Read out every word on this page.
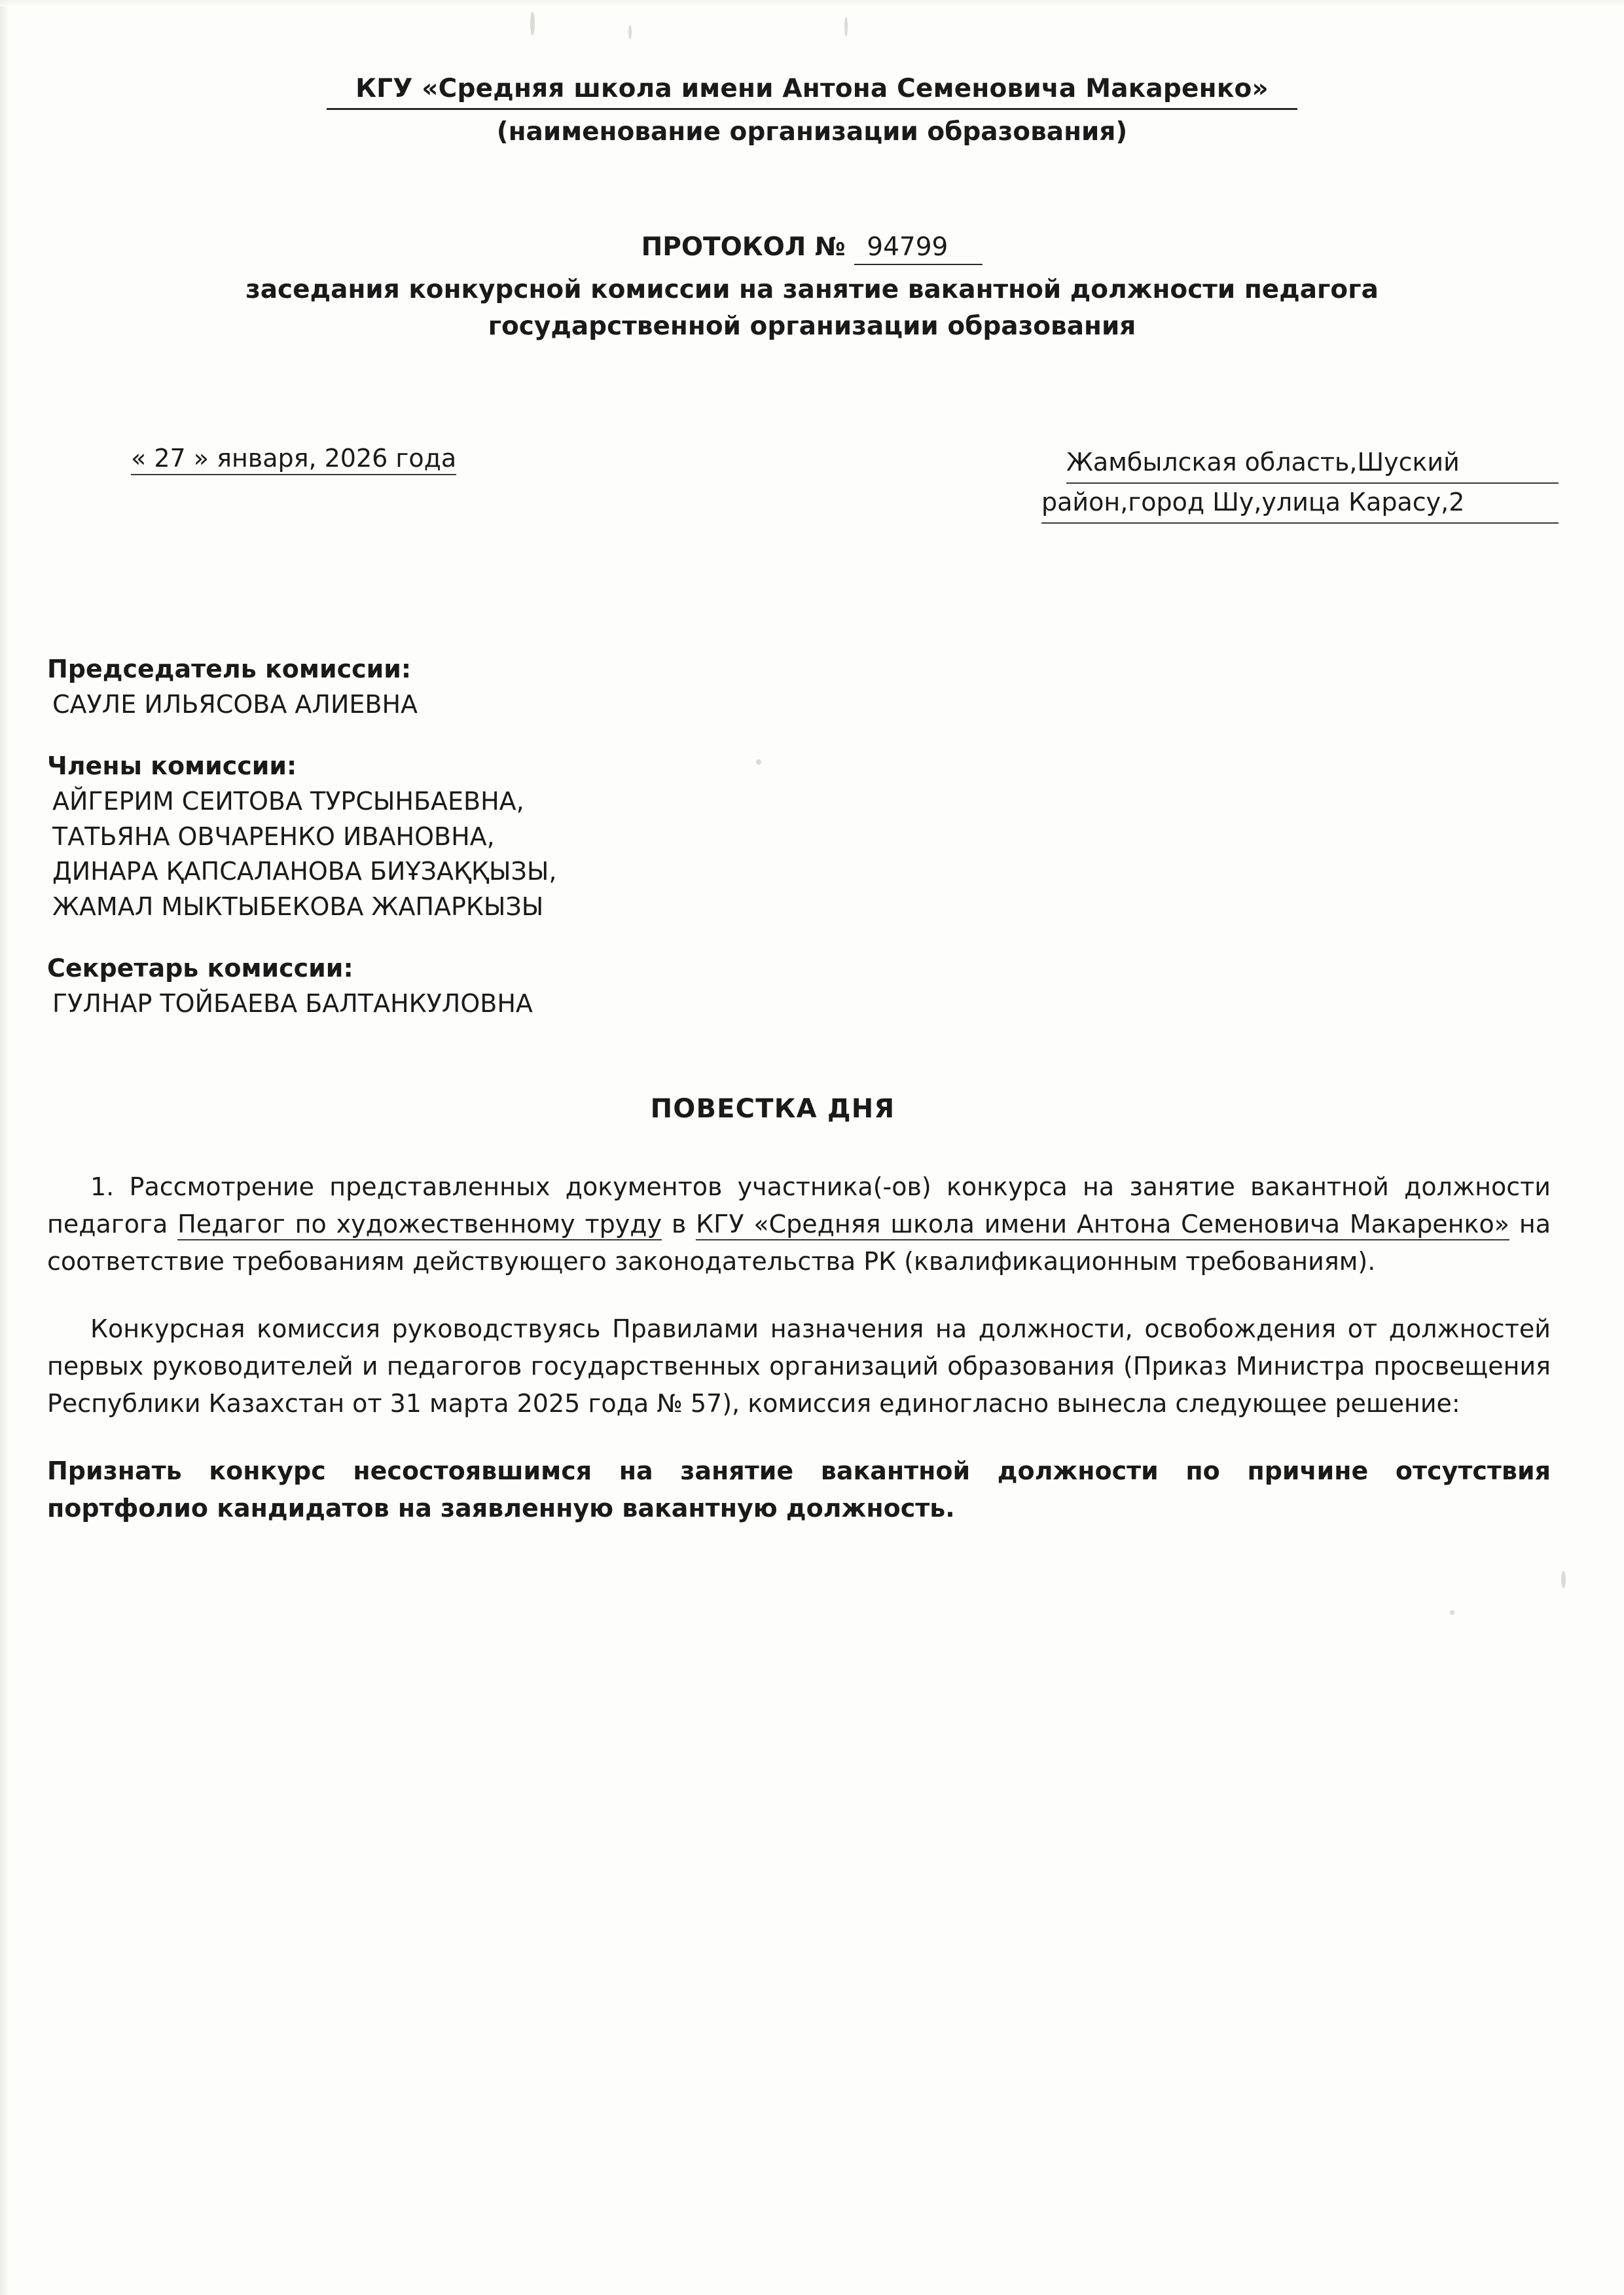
КГУ «Средняя школа имени Антона Семеновича Макаренко»
(наименование организации образования)
ПРОТОКОЛ № 94799
заседания конкурсной комиссии на занятие вакантной должности педагога
государственной организации образования
« 27 » января, 2026 года	Жамбылская область,Шуский
район,город Шу,улица Карасу,2
Председатель комиссии:
САУЛЕ ИЛЬЯСОВА АЛИЕВНА
Члены комиссии:
АЙГЕРИМ СЕИТОВА ТУРСЫНБАЕВНА,
ТАТЬЯНА ОВЧАРЕНКО ИВАНОВНА,
ДИНАРА ҚАПСАЛАНОВА БИҰЗАҚҚЫЗЫ,
ЖАМАЛ МЫКТЫБЕКОВА ЖАПАРКЫЗЫ
Секретарь комиссии:
ГУЛНАР ТОЙБАЕВА БАЛТАНКУЛОВНА
ПОВЕСТКА ДНЯ

1. Рассмотрение представленных документов участника(-ов) конкурса на занятие вакантной должности педагога Педагог по художественному труду в КГУ «Средняя школа имени Антона Семеновича Макаренко» на соответствие требованиям действующего законодательства РК (квалификационным требованиям).

Конкурсная комиссия руководствуясь Правилами назначения на должности, освобождения от должностей первых руководителей и педагогов государственных организаций образования (Приказ Министра просвещения Республики Казахстан от 31 марта 2025 года № 57), комиссия единогласно вынесла следующее решение:

Признать конкурс несостоявшимся на занятие вакантной должности по причине отсутствия портфолио кандидатов на заявленную вакантную должность.
